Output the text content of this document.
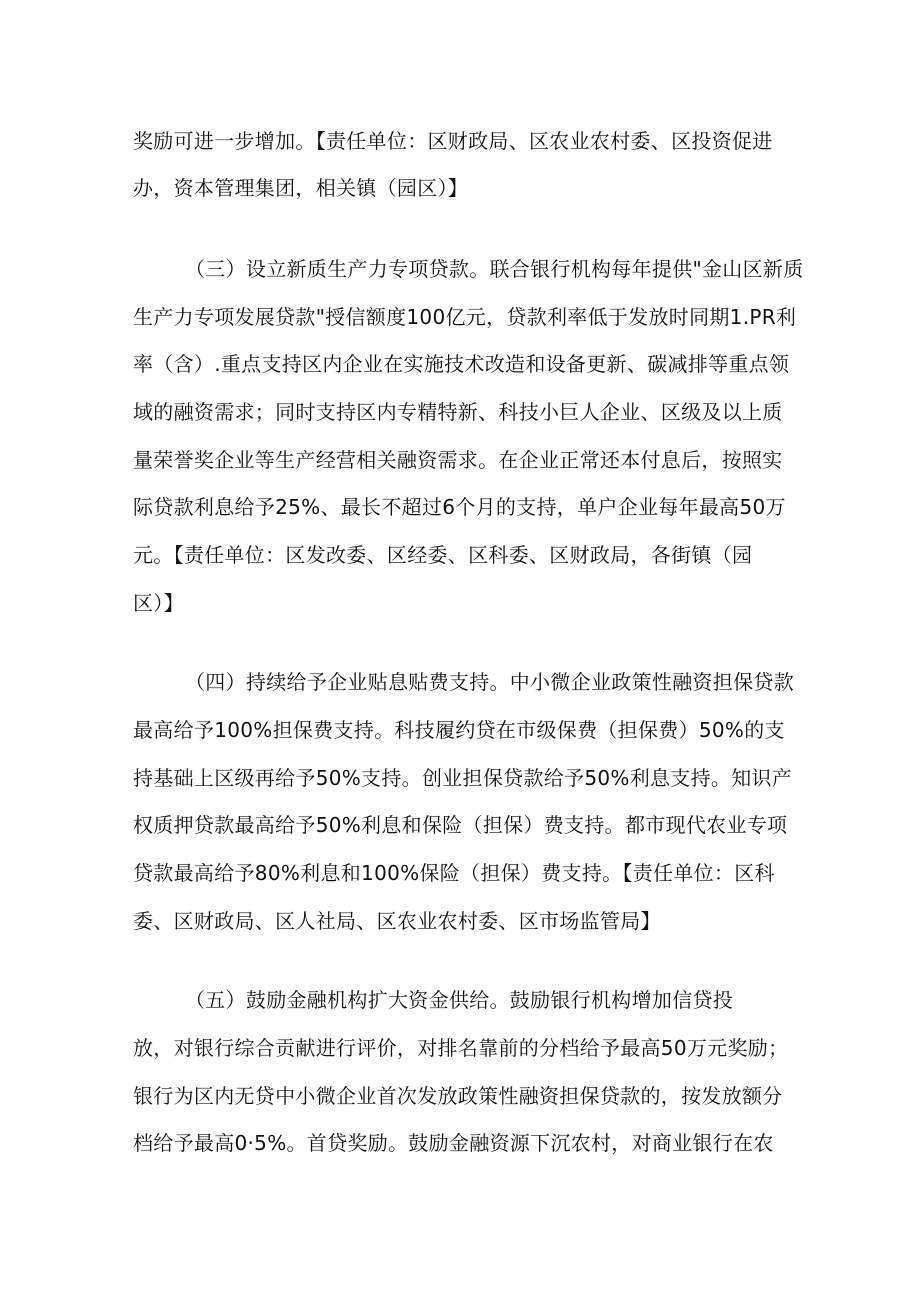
奖励可进一步增加。【责任单位：区财政局、区农业农村委、区投资促进
办，资本管理集团，相关镇（园区）】
（三）设立新质生产力专项贷款。联合银行机构每年提供"金山区新质
生产力专项发展贷款"授信额度100亿元，贷款利率低于发放时同期1.PR利
率（含）.重点支持区内企业在实施技术改造和设备更新、碳减排等重点领
域的融资需求；同时支持区内专精特新、科技小巨人企业、区级及以上质
量荣誉奖企业等生产经营相关融资需求。在企业正常还本付息后，按照实
际贷款利息给予25%、最长不超过6个月的支持，单户企业每年最高50万
元。【责任单位：区发改委、区经委、区科委、区财政局，各街镇（园
区）】
（四）持续给予企业贴息贴费支持。中小微企业政策性融资担保贷款
最高给予100%担保费支持。科技履约贷在市级保费（担保费）50%的支
持基础上区级再给予50%支持。创业担保贷款给予50%利息支持。知识产
权质押贷款最高给予50%利息和保险（担保）费支持。都市现代农业专项
贷款最高给予80%利息和100%保险（担保）费支持。【责任单位：区科
委、区财政局、区人社局、区农业农村委、区市场监管局】
（五）鼓励金融机构扩大资金供给。鼓励银行机构增加信贷投
放，对银行综合贡献进行评价，对排名靠前的分档给予最高50万元奖励；
银行为区内无贷中小微企业首次发放政策性融资担保贷款的，按发放额分
档给予最高0·5%。首贷奖励。鼓励金融资源下沉农村，对商业银行在农
